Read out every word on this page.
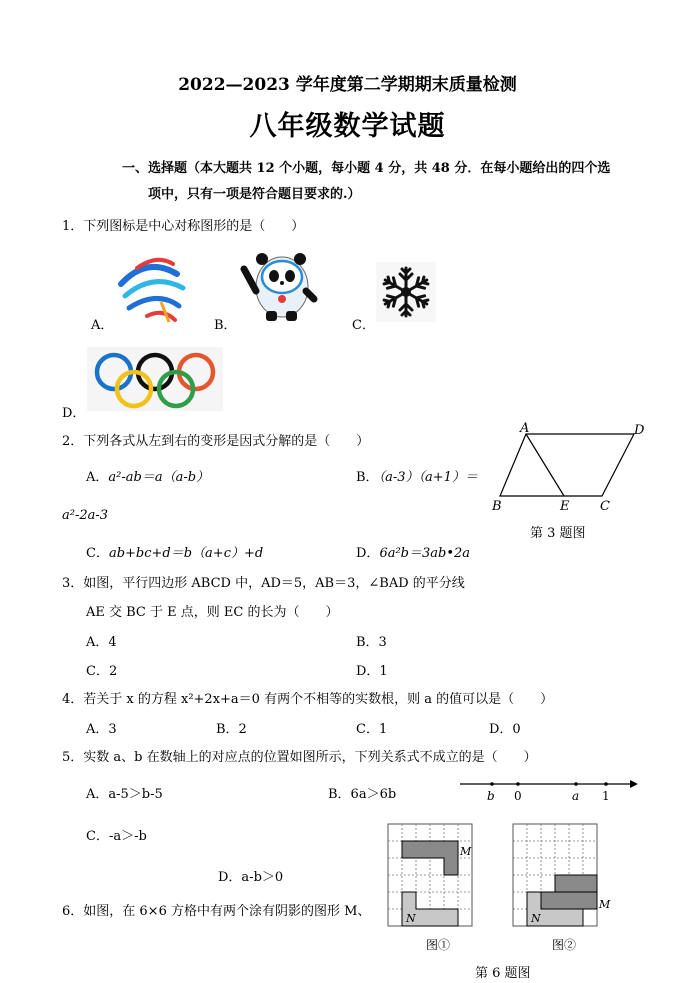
2022—2023 学年度第二学期期末质量检测
八年级数学试题
一、选择题（本大题共 12 个小题，每小题 4 分，共 48 分．在每小题给出的四个选
项中，只有一项是符合题目要求的.）
1．下列图标是中心对称图形的是（　　）
A．	B．	C．
D．
2．下列各式从左到右的变形是因式分解的是（　　）
A．a²-ab＝a（a-b）	B．（a-3）（a+1）＝
a²-2a-3
C．ab+bc+d＝b（a+c）+d	D．6a²b＝3ab•2a
A	D
B	E C
第 3 题图
3．如图，平行四边形 ABCD 中，AD＝5，AB＝3，∠BAD 的平分线
AE 交 BC 于 E 点，则 EC 的长为（　　）
A．4	B．3
C．2	D．1
4．若关于 x 的方程 x²+2x+a＝0 有两个不相等的实数根，则 a 的值可以是（　　）
A．3	B．2	C．1	D．0
5．实数 a、b 在数轴上的对应点的位置如图所示，下列关系式不成立的是（　　）
A．a-5＞b-5	B．6a＞6b
C．-a＞-b
D．a-b＞0
b 0	a 1
6．如图，在 6×6 方格中有两个涂有阴影的图形 M、
M
N
图①
M
N
图②
第 6 题图
